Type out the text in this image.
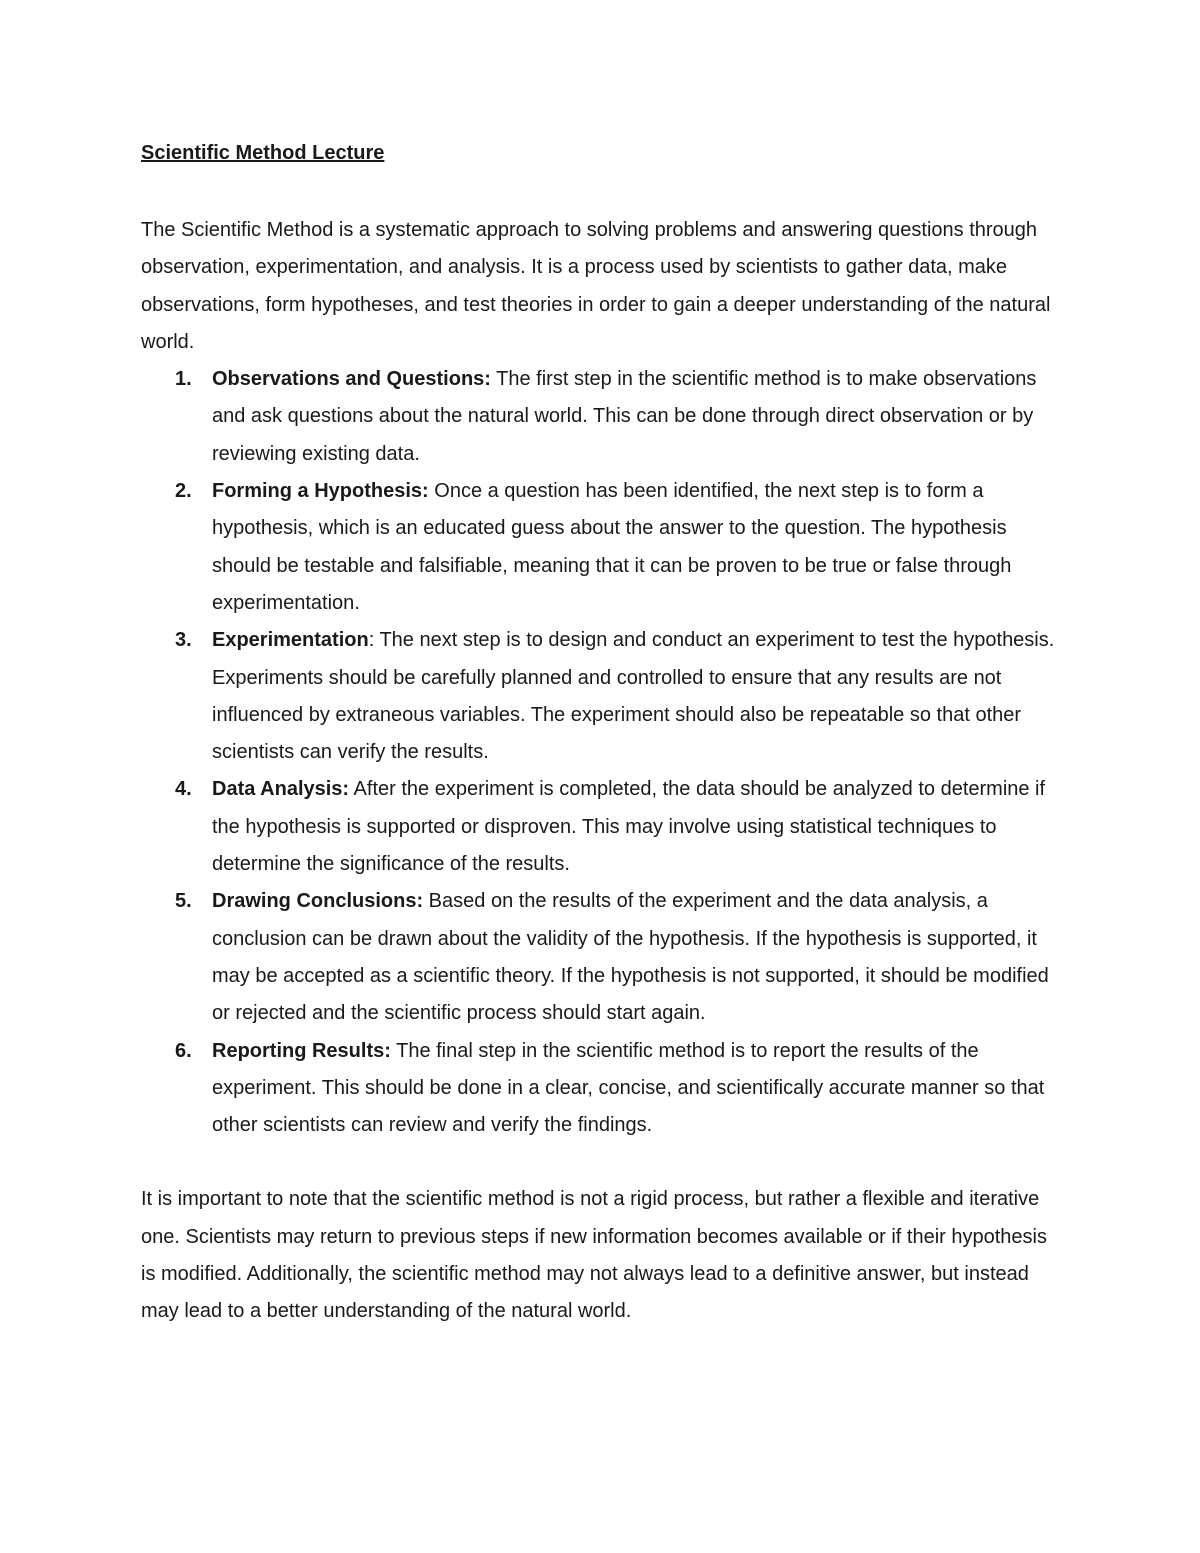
Scientific Method Lecture

The Scientific Method is a systematic approach to solving problems and answering questions through observation, experimentation, and analysis. It is a process used by scientists to gather data, make observations, form hypotheses, and test theories in order to gain a deeper understanding of the natural world.

1. Observations and Questions: The first step in the scientific method is to make observations and ask questions about the natural world. This can be done through direct observation or by reviewing existing data.
2. Forming a Hypothesis: Once a question has been identified, the next step is to form a hypothesis, which is an educated guess about the answer to the question. The hypothesis should be testable and falsifiable, meaning that it can be proven to be true or false through experimentation.
3. Experimentation: The next step is to design and conduct an experiment to test the hypothesis. Experiments should be carefully planned and controlled to ensure that any results are not influenced by extraneous variables. The experiment should also be repeatable so that other scientists can verify the results.
4. Data Analysis: After the experiment is completed, the data should be analyzed to determine if the hypothesis is supported or disproven. This may involve using statistical techniques to determine the significance of the results.
5. Drawing Conclusions: Based on the results of the experiment and the data analysis, a conclusion can be drawn about the validity of the hypothesis. If the hypothesis is supported, it may be accepted as a scientific theory. If the hypothesis is not supported, it should be modified or rejected and the scientific process should start again.
6. Reporting Results: The final step in the scientific method is to report the results of the experiment. This should be done in a clear, concise, and scientifically accurate manner so that other scientists can review and verify the findings.

It is important to note that the scientific method is not a rigid process, but rather a flexible and iterative one. Scientists may return to previous steps if new information becomes available or if their hypothesis is modified. Additionally, the scientific method may not always lead to a definitive answer, but instead may lead to a better understanding of the natural world.
